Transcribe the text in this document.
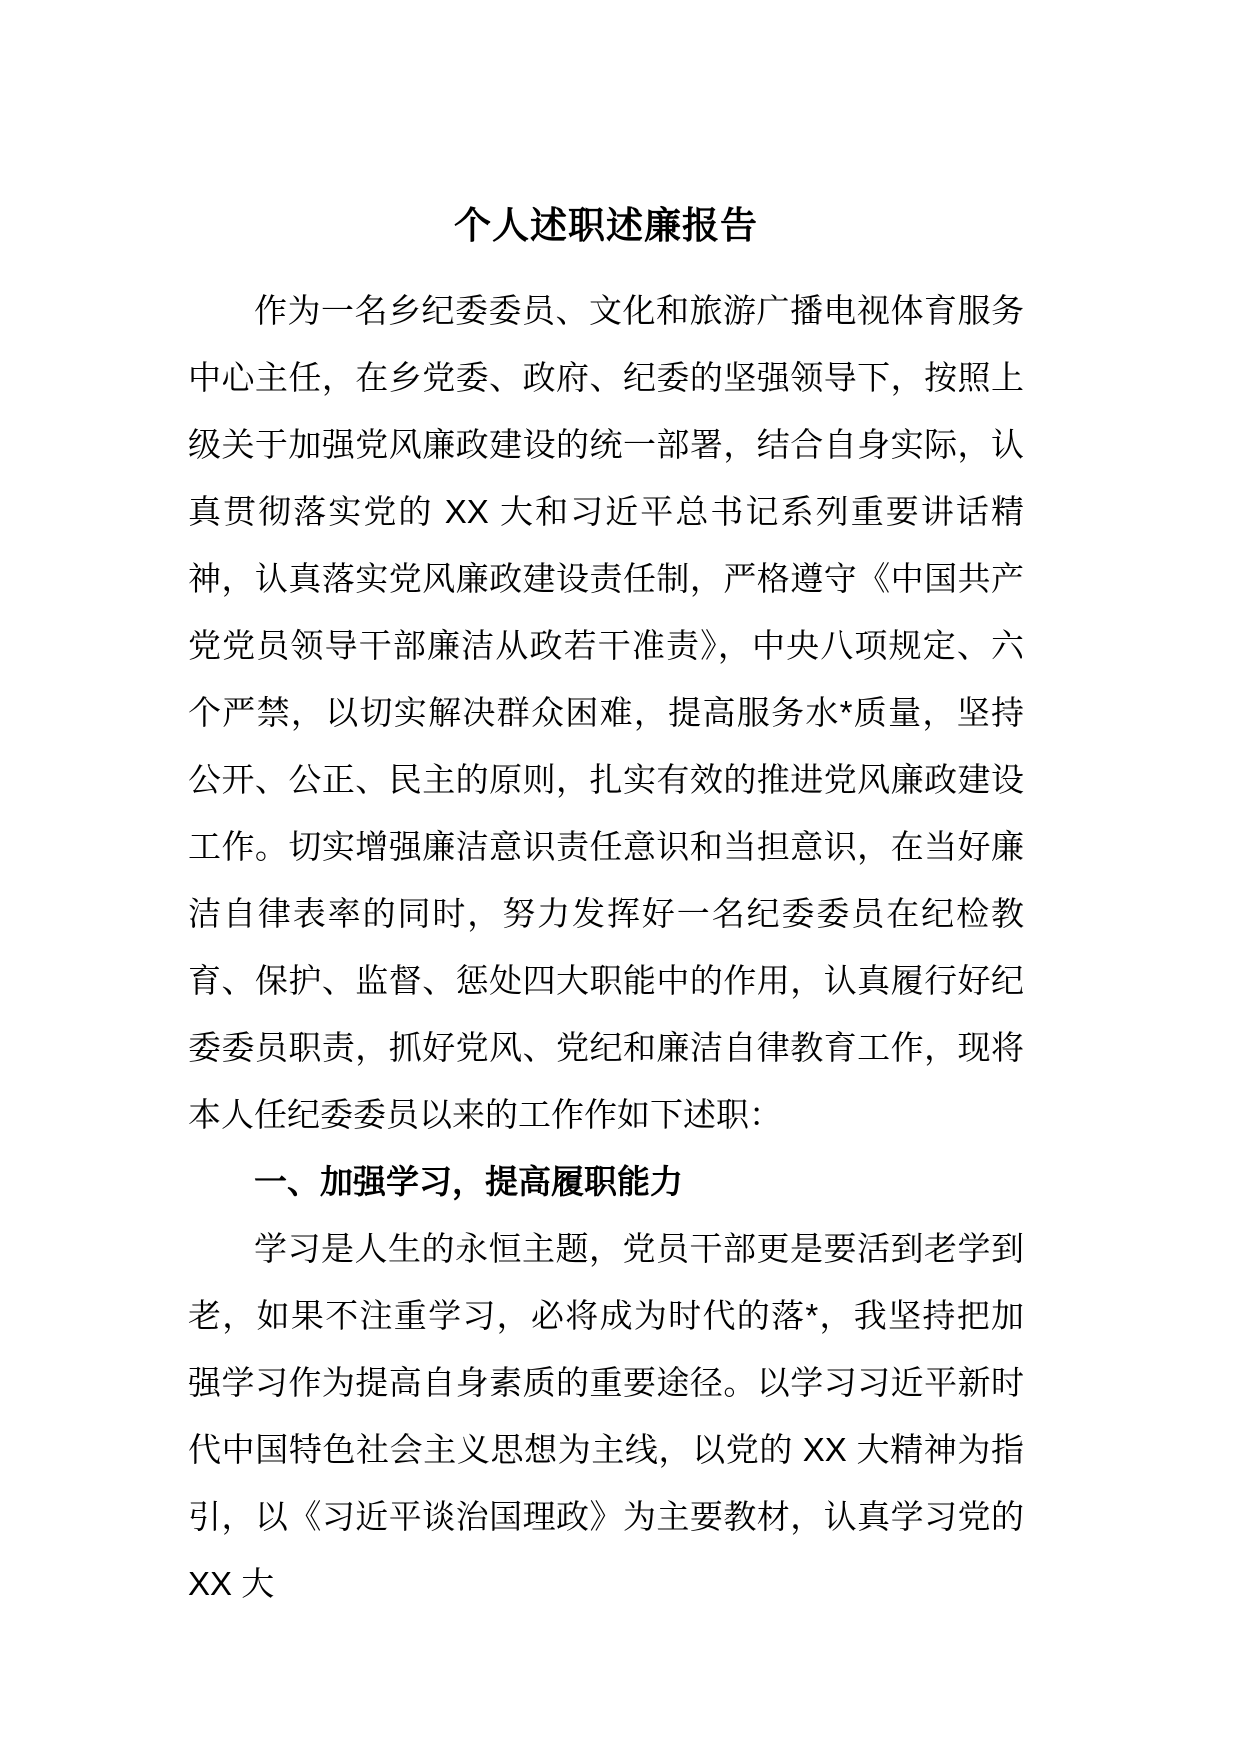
个人述职述廉报告

作为一名乡纪委委员、文化和旅游广播电视体育服务中心主任，在乡党委、政府、纪委的坚强领导下，按照上级关于加强党风廉政建设的统一部署，结合自身实际，认真贯彻落实党的 XX 大和习近平总书记系列重要讲话精神，认真落实党风廉政建设责任制，严格遵守《中国共产党党员领导干部廉洁从政若干准责》，中央八项规定、六个严禁，以切实解决群众困难，提高服务水*质量，坚持公开、公正、民主的原则，扎实有效的推进党风廉政建设工作。切实增强廉洁意识责任意识和当担意识，在当好廉洁自律表率的同时，努力发挥好一名纪委委员在纪检教育、保护、监督、惩处四大职能中的作用，认真履行好纪委委员职责，抓好党风、党纪和廉洁自律教育工作，现将本人任纪委委员以来的工作作如下述职：

一、加强学习，提高履职能力

学习是人生的永恒主题，党员干部更是要活到老学到老，如果不注重学习，必将成为时代的落*，我坚持把加强学习作为提高自身素质的重要途径。以学习习近平新时代中国特色社会主义思想为主线，以党的 XX 大精神为指引，以《习近平谈治国理政》为主要教材，认真学习党的 XX 大
